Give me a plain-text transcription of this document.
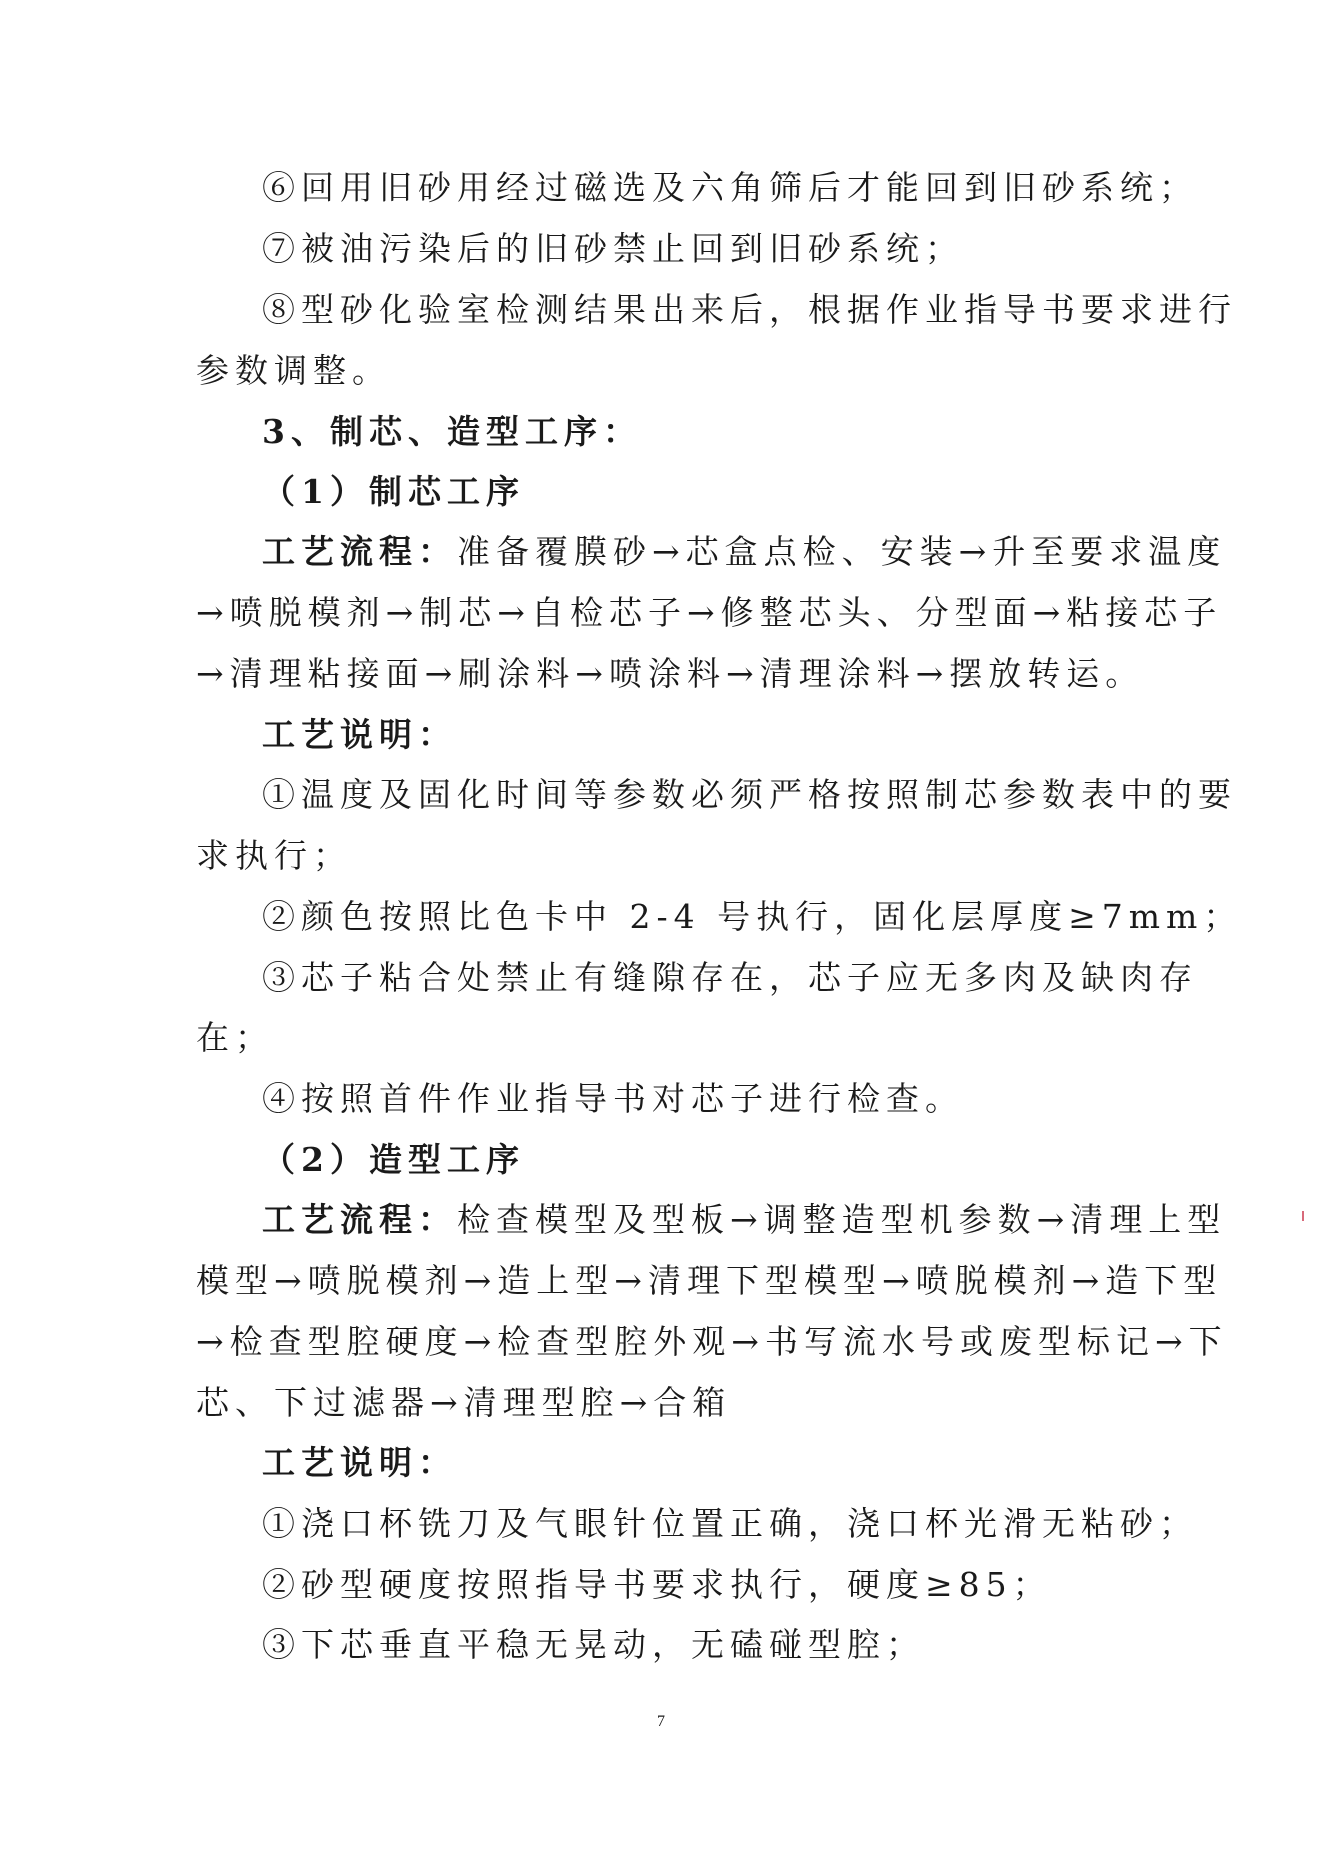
⑥回用旧砂用经过磁选及六角筛后才能回到旧砂系统；
⑦被油污染后的旧砂禁止回到旧砂系统；
⑧型砂化验室检测结果出来后，根据作业指导书要求进行
参数调整。
3、制芯、造型工序：
（1）制芯工序
工艺流程：准备覆膜砂→芯盒点检、安装→升至要求温度
→喷脱模剂→制芯→自检芯子→修整芯头、分型面→粘接芯子
→清理粘接面→刷涂料→喷涂料→清理涂料→摆放转运。
工艺说明：
①温度及固化时间等参数必须严格按照制芯参数表中的要
求执行；
②颜色按照比色卡中 2-4 号执行，固化层厚度≥7mm；
③芯子粘合处禁止有缝隙存在，芯子应无多肉及缺肉存
在；
④按照首件作业指导书对芯子进行检查。
（2）造型工序
工艺流程：检查模型及型板→调整造型机参数→清理上型
模型→喷脱模剂→造上型→清理下型模型→喷脱模剂→造下型
→检查型腔硬度→检查型腔外观→书写流水号或废型标记→下
芯、下过滤器→清理型腔→合箱
工艺说明：
①浇口杯铣刀及气眼针位置正确，浇口杯光滑无粘砂；
②砂型硬度按照指导书要求执行，硬度≥85；
③下芯垂直平稳无晃动，无磕碰型腔；
7
